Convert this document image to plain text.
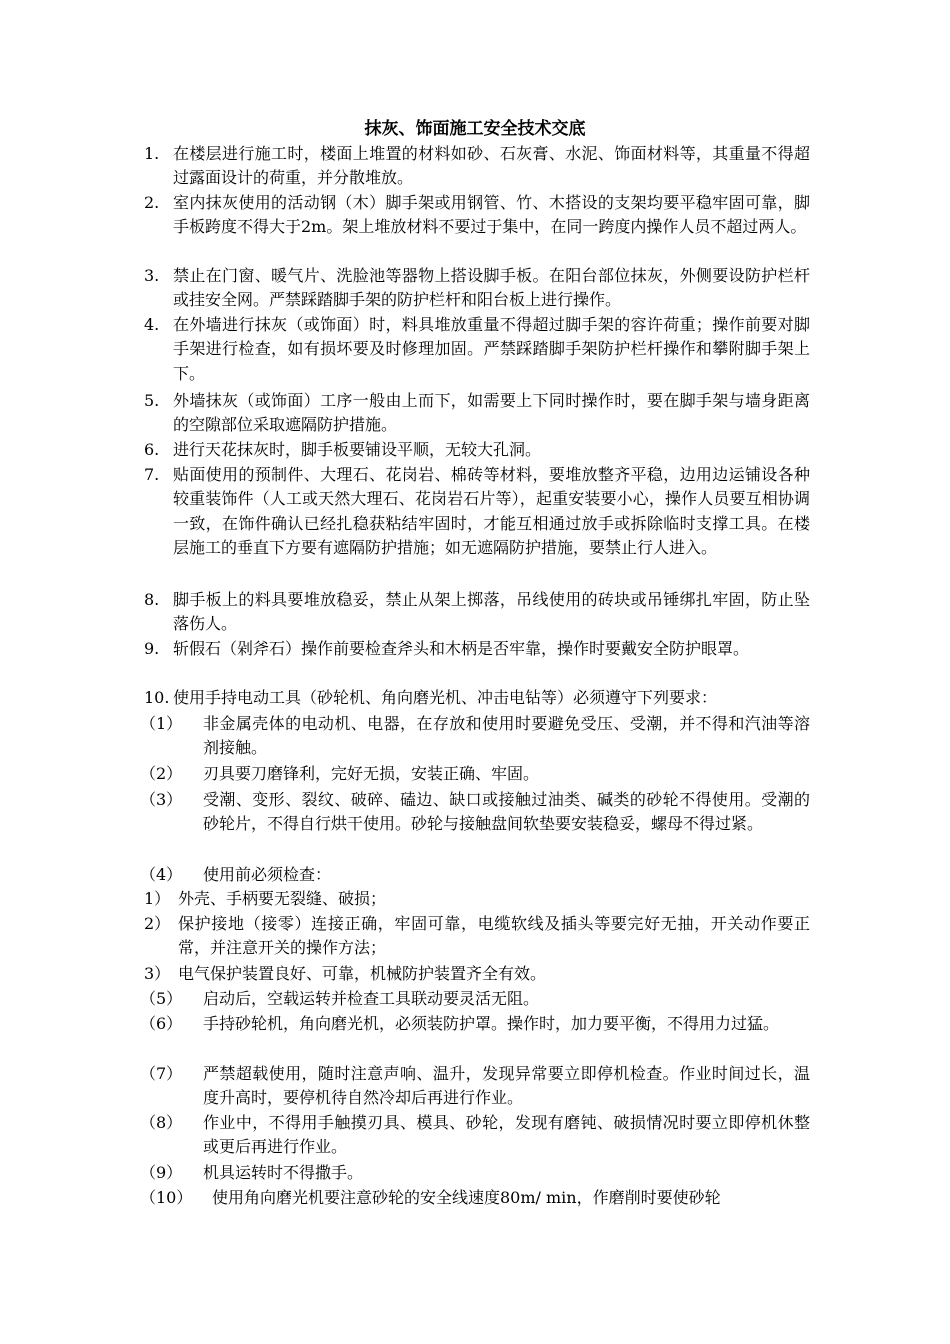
抹灰、饰面施工安全技术交底
1. 在楼层进行施工时，楼面上堆置的材料如砂、石灰膏、水泥、饰面材料等，其重量不得超过露面设计的荷重，并分散堆放。
2. 室内抹灰使用的活动钢（木）脚手架或用钢管、竹、木搭设的支架均要平稳牢固可靠，脚手板跨度不得大于2m。架上堆放材料不要过于集中，在同一跨度内操作人员不超过两人。
3. 禁止在门窗、暖气片、洗脸池等器物上搭设脚手板。在阳台部位抹灰，外侧要设防护栏杆或挂安全网。严禁踩踏脚手架的防护栏杆和阳台板上进行操作。
4. 在外墙进行抹灰（或饰面）时，料具堆放重量不得超过脚手架的容许荷重；操作前要对脚手架进行检查，如有损坏要及时修理加固。严禁踩踏脚手架防护栏杆操作和攀附脚手架上下。
5. 外墙抹灰（或饰面）工序一般由上而下，如需要上下同时操作时，要在脚手架与墙身距离的空隙部位采取遮隔防护措施。
6. 进行天花抹灰时，脚手板要铺设平顺，无较大孔洞。
7. 贴面使用的预制件、大理石、花岗岩、棉砖等材料，要堆放整齐平稳，边用边运铺设各种较重装饰件（人工或天然大理石、花岗岩石片等），起重安装要小心，操作人员要互相协调一致，在饰件确认已经扎稳获粘结牢固时，才能互相通过放手或拆除临时支撑工具。在楼层施工的垂直下方要有遮隔防护措施；如无遮隔防护措施，要禁止行人进入。
8. 脚手板上的料具要堆放稳妥，禁止从架上掷落，吊线使用的砖块或吊锤绑扎牢固，防止坠落伤人。
9. 斩假石（剁斧石）操作前要检查斧头和木柄是否牢靠，操作时要戴安全防护眼罩。
10. 使用手持电动工具（砂轮机、角向磨光机、冲击电钻等）必须遵守下列要求：
（1） 非金属壳体的电动机、电器，在存放和使用时要避免受压、受潮，并不得和汽油等溶剂接触。
（2） 刃具要刀磨锋利，完好无损，安装正确、牢固。
（3） 受潮、变形、裂纹、破碎、磕边、缺口或接触过油类、碱类的砂轮不得使用。受潮的砂轮片，不得自行烘干使用。砂轮与接触盘间软垫要安装稳妥，螺母不得过紧。
（4） 使用前必须检查：
1） 外壳、手柄要无裂缝、破损；
2） 保护接地（接零）连接正确，牢固可靠，电缆软线及插头等要完好无抽，开关动作要正常，并注意开关的操作方法；
3） 电气保护装置良好、可靠，机械防护装置齐全有效。
（5） 启动后，空载运转并检查工具联动要灵活无阻。
（6） 手持砂轮机，角向磨光机，必须装防护罩。操作时，加力要平衡，不得用力过猛。
（7） 严禁超载使用，随时注意声响、温升，发现异常要立即停机检查。作业时间过长，温度升高时，要停机待自然冷却后再进行作业。
（8） 作业中，不得用手触摸刃具、模具、砂轮，发现有磨钝、破损情况时要立即停机休整或更后再进行作业。
（9） 机具运转时不得撒手。
（10） 使用角向磨光机要注意砂轮的安全线速度80m/ min，作磨削时要使砂轮
